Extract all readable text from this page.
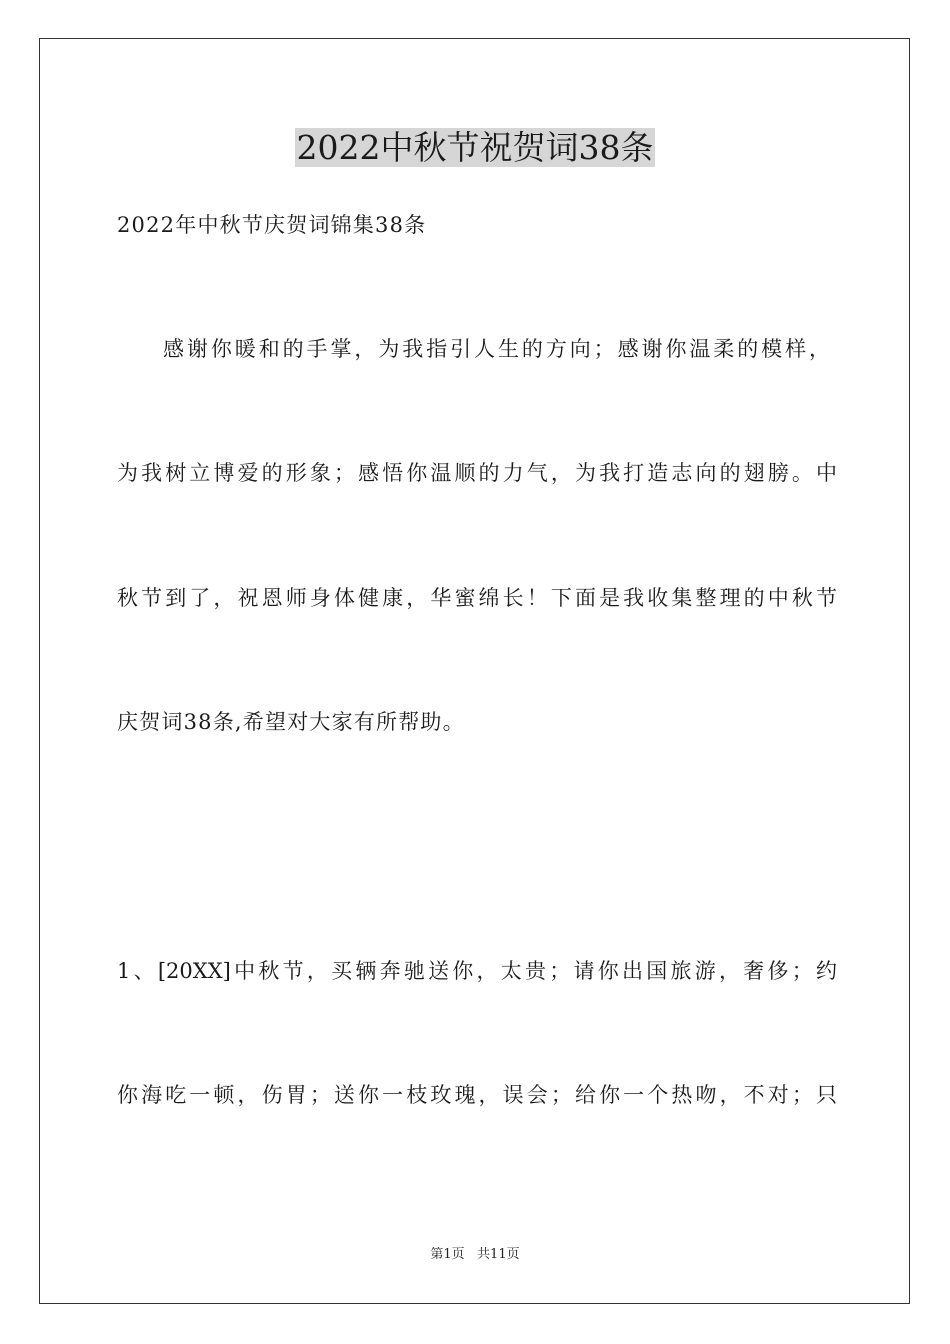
2022中秋节祝贺词38条
2022年中秋节庆贺词锦集38条
感谢你暖和的手掌，为我指引人生的方向；感谢你温柔的模样，
为我树立博爱的形象；感悟你温顺的力气，为我打造志向的翅膀。中
秋节到了，祝恩师身体健康，华蜜绵长！下面是我收集整理的中秋节
庆贺词38条,希望对大家有所帮助。
1、[20XX]中秋节，买辆奔驰送你，太贵；请你出国旅游，奢侈；约
你海吃一顿，伤胃；送你一枝玫瑰，误会；给你一个热吻，不对；只
第1页   共11页
